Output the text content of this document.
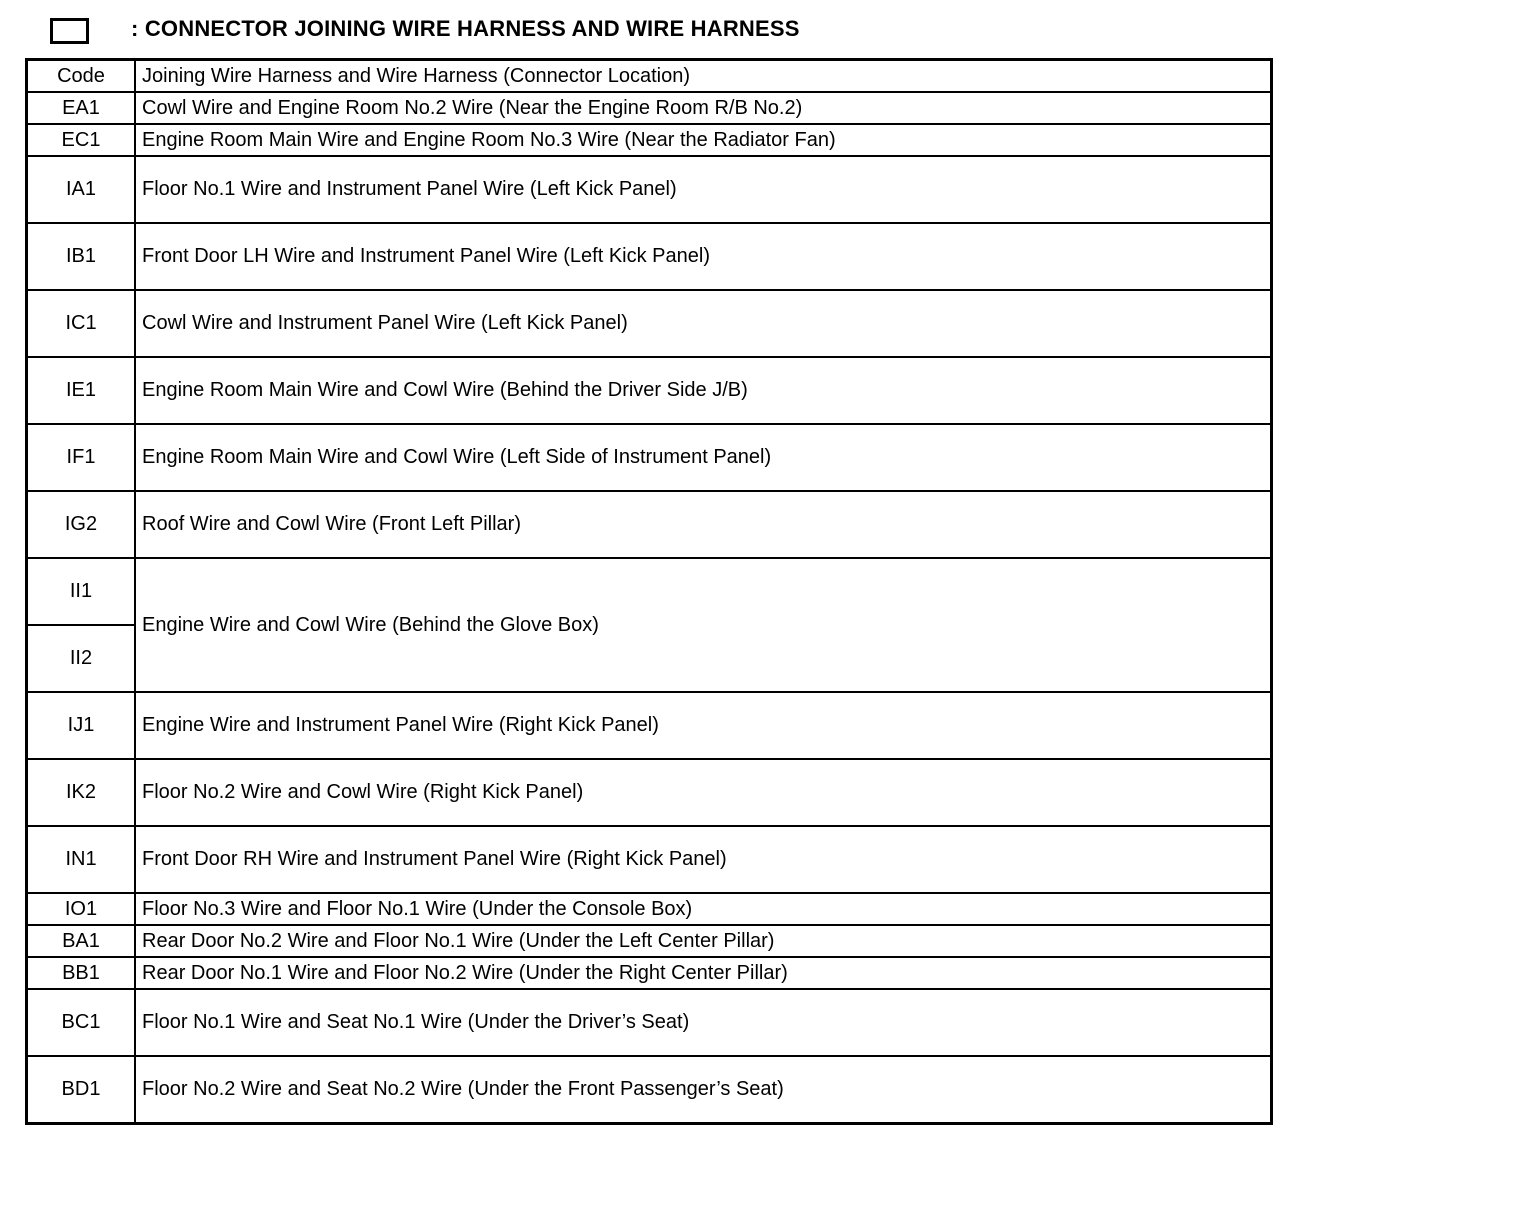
: CONNECTOR JOINING WIRE HARNESS AND WIRE HARNESS
Code	Joining Wire Harness and Wire Harness (Connector Location)
EA1	Cowl Wire and Engine Room No.2 Wire (Near the Engine Room R/B No.2)
EC1	Engine Room Main Wire and Engine Room No.3 Wire (Near the Radiator Fan)
IA1	Floor No.1 Wire and Instrument Panel Wire (Left Kick Panel)
IB1	Front Door LH Wire and Instrument Panel Wire (Left Kick Panel)
IC1	Cowl Wire and Instrument Panel Wire (Left Kick Panel)
IE1	Engine Room Main Wire and Cowl Wire (Behind the Driver Side J/B)
IF1	Engine Room Main Wire and Cowl Wire (Left Side of Instrument Panel)
IG2	Roof Wire and Cowl Wire (Front Left Pillar)
II1	Engine Wire and Cowl Wire (Behind the Glove Box)
II2	
IJ1	Engine Wire and Instrument Panel Wire (Right Kick Panel)
IK2	Floor No.2 Wire and Cowl Wire (Right Kick Panel)
IN1	Front Door RH Wire and Instrument Panel Wire (Right Kick Panel)
IO1	Floor No.3 Wire and Floor No.1 Wire (Under the Console Box)
BA1	Rear Door No.2 Wire and Floor No.1 Wire (Under the Left Center Pillar)
BB1	Rear Door No.1 Wire and Floor No.2 Wire (Under the Right Center Pillar)
BC1	Floor No.1 Wire and Seat No.1 Wire (Under the Driver’s Seat)
BD1	Floor No.2 Wire and Seat No.2 Wire (Under the Front Passenger’s Seat)
